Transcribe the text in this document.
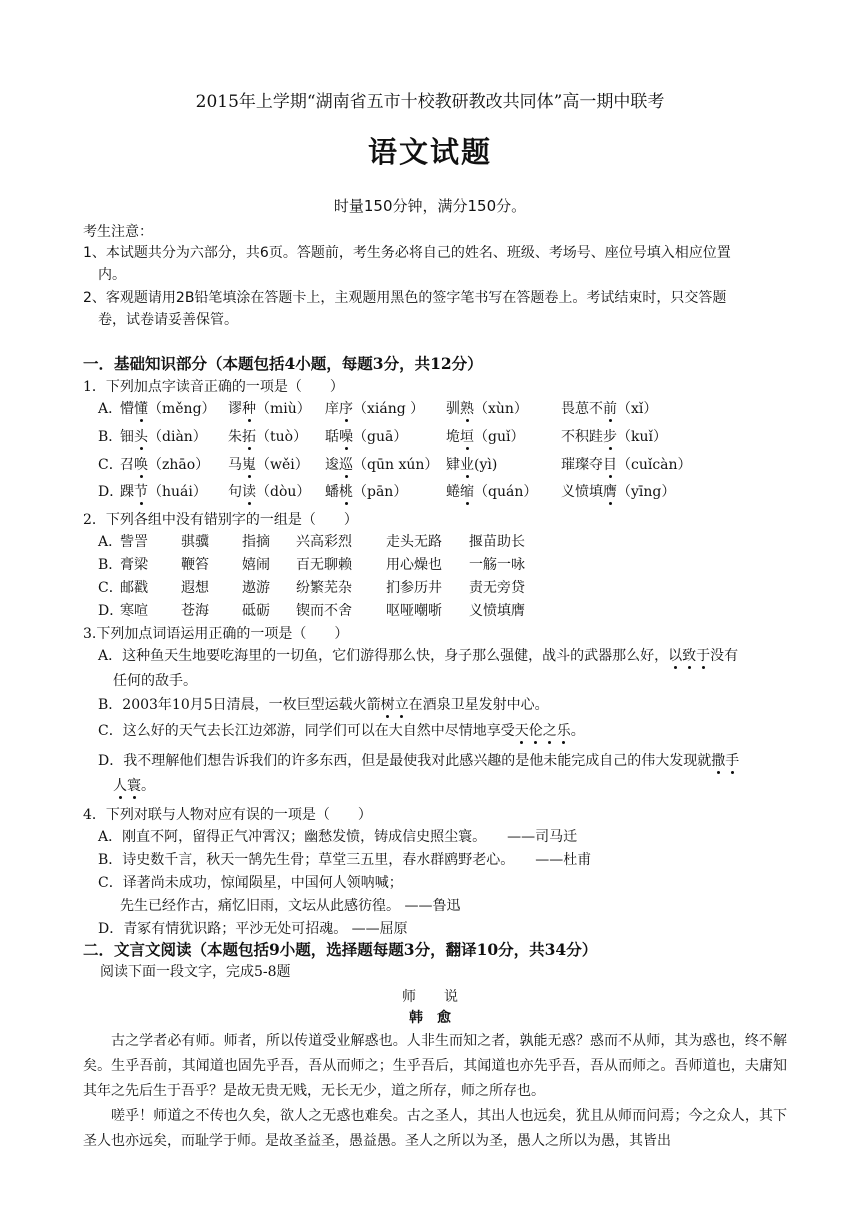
2015年上学期“湖南省五市十校教研教改共同体”高一期中联考
语文试题
时量150分钟，满分150分。
考生注意：
1、本试题共分为六部分，共6页。答题前，考生务必将自己的姓名、班级、考场号、座位号填入相应位置
内。
2、客观题请用2B铅笔填涂在答题卡上，主观题用黑色的签字笔书写在答题卷上。考试结束时，只交答题
卷，试卷请妥善保管。
一．基础知识部分（本题包括4小题，每题3分，共12分）
1．下列加点字读音正确的一项是（　　）
A．
懵懂（měng） 谬种（miù） 庠序（xiáng ） 驯熟（xùn） 畏葸不前（xǐ）
B．
钿头（diàn） 朱拓（tuò） 聒噪（guā）	垝垣（guǐ）	不积跬步（kuǐ）
C．
召唤（zhāo） 马嵬（wěi） 逡巡（qūn xún） 肄业(yì)	璀璨夺目（cuǐcàn）
D．
踝节（huái） 句读（dòu） 蟠桃（pān）	蜷缩（quán） 义愤填膺（yīng）
2．下列各组中没有错别字的一组是（　　）
A．
訾詈 骐骥 指摘 兴高彩烈 走头无路 揠苗助长
B．
膏梁 鞭笞 嬉闹 百无聊赖 用心燥也 一觞一咏
C．
邮戳 遐想 遨游 纷繁芜杂 扪参历井 责无旁贷
D．
寒喧 苍海 砥砺 锲而不舍 呕哑嘲哳 义愤填膺
3.下列加点词语运用正确的一项是（　　）
A．这种鱼天生地要吃海里的一切鱼，它们游得那么快，身子那么强健，战斗的武器那么好，以致于没有
任何的敌手。
B．2003年10月5日清晨，一枚巨型运载火箭树立在酒泉卫星发射中心。
C．这么好的天气去长江边郊游，同学们可以在大自然中尽情地享受天伦之乐。
D．我不理解他们想告诉我们的许多东西，但是最使我对此感兴趣的是他未能完成自己的伟大发现就撒手
人寰。
4．下列对联与人物对应有误的一项是（　　）
A．刚直不阿，留得正气冲霄汉；幽愁发愤，铸成信史照尘寰。　　——司马迁
B．诗史数千言，秋天一鹄先生骨；草堂三五里，春水群鸥野老心。　　——杜甫
C．译著尚未成功，惊闻陨星，中国何人领呐喊；
先生已经作古，痛忆旧雨，文坛从此感彷徨。 ——鲁迅
D．青冢有情犹识路；平沙无处可招魂。 ——屈原
二．文言文阅读（本题包括9小题，选择题每题3分，翻译10分，共34分）
阅读下面一段文字，完成5-8题
师　　说
韩　愈
古之学者必有师。师者，所以传道受业解惑也。人非生而知之者，孰能无惑？惑而不从师，其为惑也，终不解矣。生乎吾前，其闻道也固先乎吾，吾从而师之；生乎吾后，其闻道也亦先乎吾，吾从而师之。吾师道也，夫庸知其年之先后生于吾乎？是故无贵无贱，无长无少，道之所存，师之所存也。
嗟乎！师道之不传也久矣，欲人之无惑也难矣。古之圣人，其出人也远矣，犹且从师而问焉；今之众人，其下圣人也亦远矣，而耻学于师。是故圣益圣，愚益愚。圣人之所以为圣，愚人之所以为愚，其皆出
